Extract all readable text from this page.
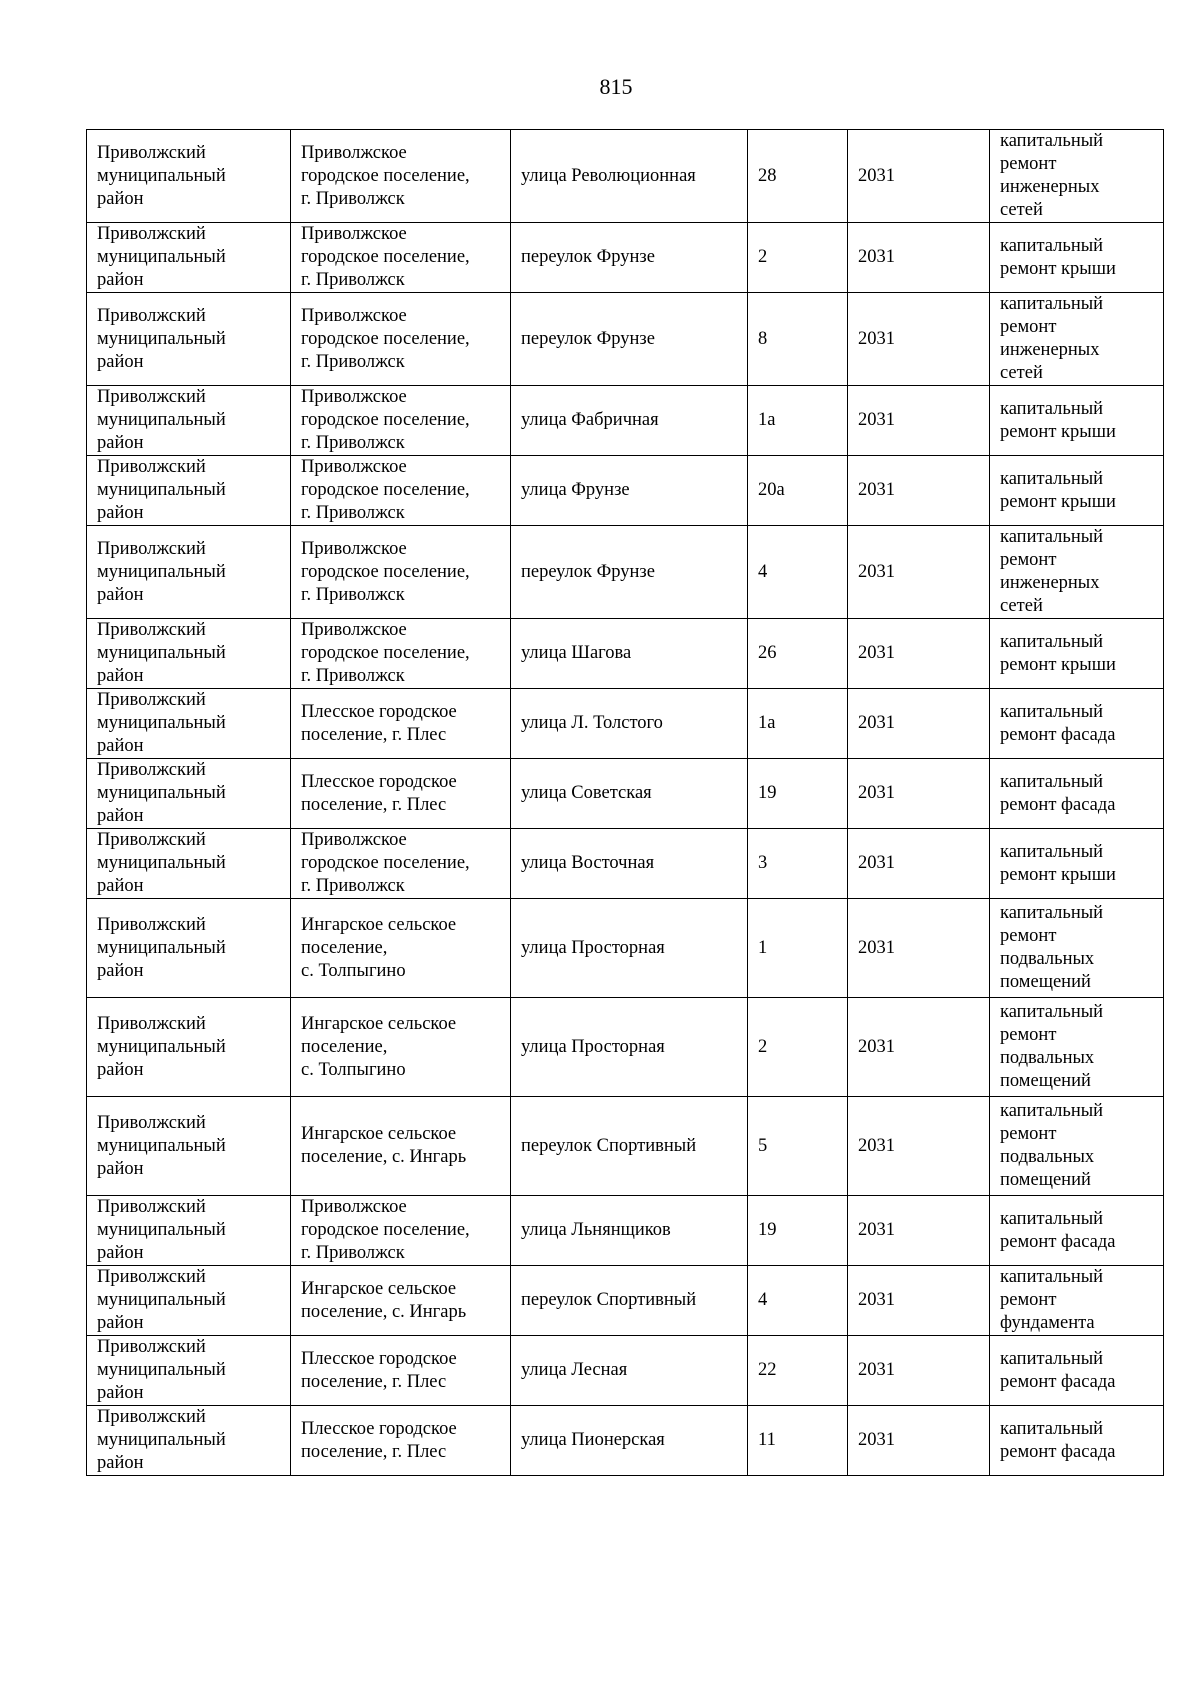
815
Приволжский
муниципальный
район	Приволжское
городское поселение,
г. Приволжск	улица Революционная	28	2031	капитальный
ремонт
инженерных
сетей
Приволжский
муниципальный
район	Приволжское
городское поселение,
г. Приволжск	переулок Фрунзе	2	2031	капитальный
ремонт крыши
Приволжский
муниципальный
район	Приволжское
городское поселение,
г. Приволжск	переулок Фрунзе	8	2031	капитальный
ремонт
инженерных
сетей
Приволжский
муниципальный
район	Приволжское
городское поселение,
г. Приволжск	улица Фабричная	1а	2031	капитальный
ремонт крыши
Приволжский
муниципальный
район	Приволжское
городское поселение,
г. Приволжск	улица Фрунзе	20а	2031	капитальный
ремонт крыши
Приволжский
муниципальный
район	Приволжское
городское поселение,
г. Приволжск	переулок Фрунзе	4	2031	капитальный
ремонт
инженерных
сетей
Приволжский
муниципальный
район	Приволжское
городское поселение,
г. Приволжск	улица Шагова	26	2031	капитальный
ремонт крыши
Приволжский
муниципальный
район	Плесское городское
поселение, г. Плес	улица Л. Толстого	1а	2031	капитальный
ремонт фасада
Приволжский
муниципальный
район	Плесское городское
поселение, г. Плес	улица Советская	19	2031	капитальный
ремонт фасада
Приволжский
муниципальный
район	Приволжское
городское поселение,
г. Приволжск	улица Восточная	3	2031	капитальный
ремонт крыши
Приволжский
муниципальный
район	Ингарское сельское
поселение,
с. Толпыгино	улица Просторная	1	2031	капитальный
ремонт
подвальных
помещений
Приволжский
муниципальный
район	Ингарское сельское
поселение,
с. Толпыгино	улица Просторная	2	2031	капитальный
ремонт
подвальных
помещений
Приволжский
муниципальный
район	Ингарское сельское
поселение, с. Ингарь	переулок Спортивный	5	2031	капитальный
ремонт
подвальных
помещений
Приволжский
муниципальный
район	Приволжское
городское поселение,
г. Приволжск	улица Льнянщиков	19	2031	капитальный
ремонт фасада
Приволжский
муниципальный
район	Ингарское сельское
поселение, с. Ингарь	переулок Спортивный	4	2031	капитальный
ремонт
фундамента
Приволжский
муниципальный
район	Плесское городское
поселение, г. Плес	улица Лесная	22	2031	капитальный
ремонт фасада
Приволжский
муниципальный
район	Плесское городское
поселение, г. Плес	улица Пионерская	11	2031	капитальный
ремонт фасада
